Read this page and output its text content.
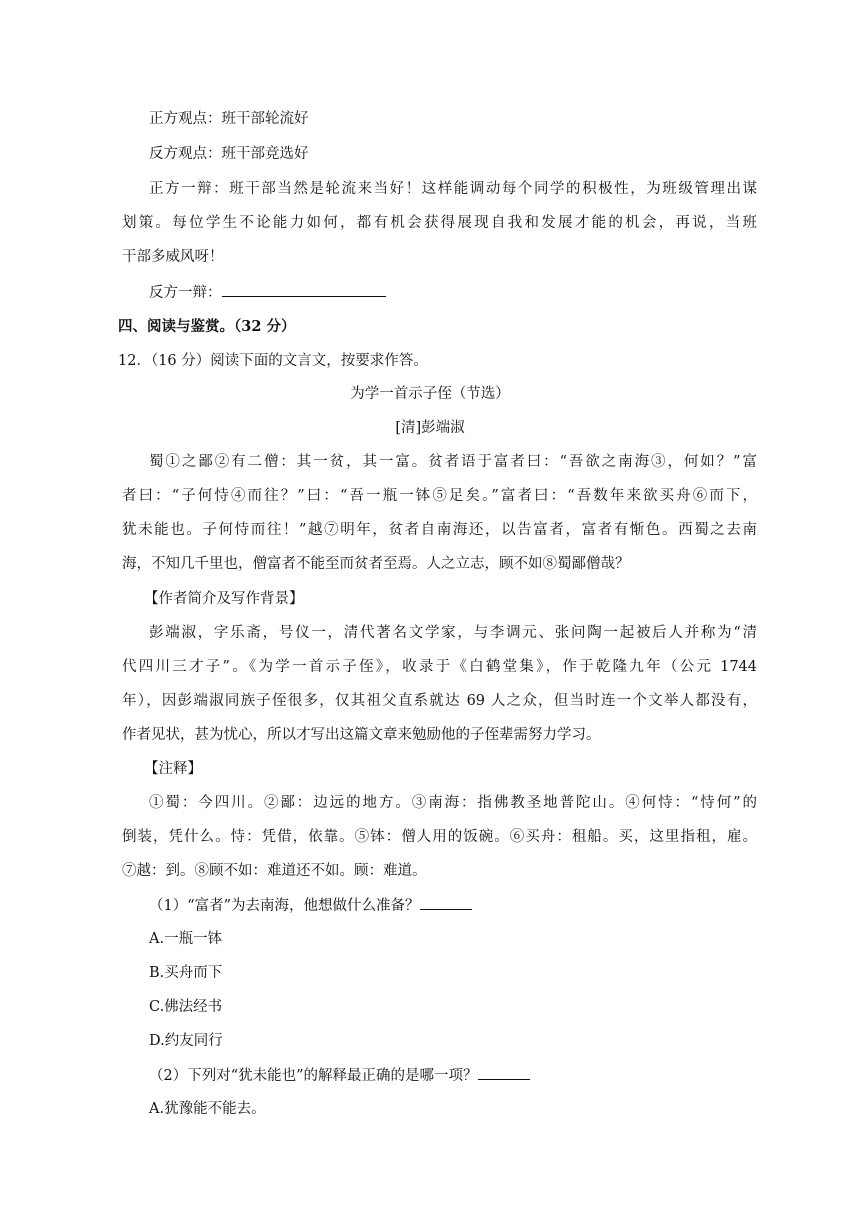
正方观点：班干部轮流好
反方观点：班干部竞选好
正方一辩：班干部当然是轮流来当好！这样能调动每个同学的积极性，为班级管理出谋
划策。每位学生不论能力如何，都有机会获得展现自我和发展才能的机会，再说，当班
干部多威风呀！
反方一辩：
四、阅读与鉴赏。（32 分）
12．（16 分）阅读下面的文言文，按要求作答。
为学一首示子侄（节选）
[清]彭端淑
蜀①之鄙②有二僧：其一贫，其一富。贫者语于富者曰：“吾欲之南海③，何如？”富
者曰：“子何恃④而往？”曰：“吾一瓶一钵⑤足矣。”富者曰：“吾数年来欲买舟⑥而下，
犹未能也。子何恃而往！”越⑦明年，贫者自南海还，以告富者，富者有惭色。西蜀之去南
海，不知几千里也，僧富者不能至而贫者至焉。人之立志，顾不如⑧蜀鄙僧哉？
【作者简介及写作背景】
彭端淑，字乐斋，号仪一，清代著名文学家，与李调元、张问陶一起被后人并称为“清
代四川三才子”。《为学一首示子侄》，收录于《白鹤堂集》，作于乾隆九年（公元 1744
年），因彭端淑同族子侄很多，仅其祖父直系就达 69 人之众，但当时连一个文举人都没有，
作者见状，甚为忧心，所以才写出这篇文章来勉励他的子侄辈需努力学习。
【注释】
①蜀：今四川。②鄙：边远的地方。③南海：指佛教圣地普陀山。④何恃：“恃何”的
倒装，凭什么。恃：凭借，依靠。⑤钵：僧人用的饭碗。⑥买舟：租船。买，这里指租，雇。
⑦越：到。⑧顾不如：难道还不如。顾：难道。
（1）“富者”为去南海，他想做什么准备？
A.一瓶一钵
B.买舟而下
C.佛法经书
D.约友同行
（2）下列对“犹未能也”的解释最正确的是哪一项？
A.犹豫能不能去。
